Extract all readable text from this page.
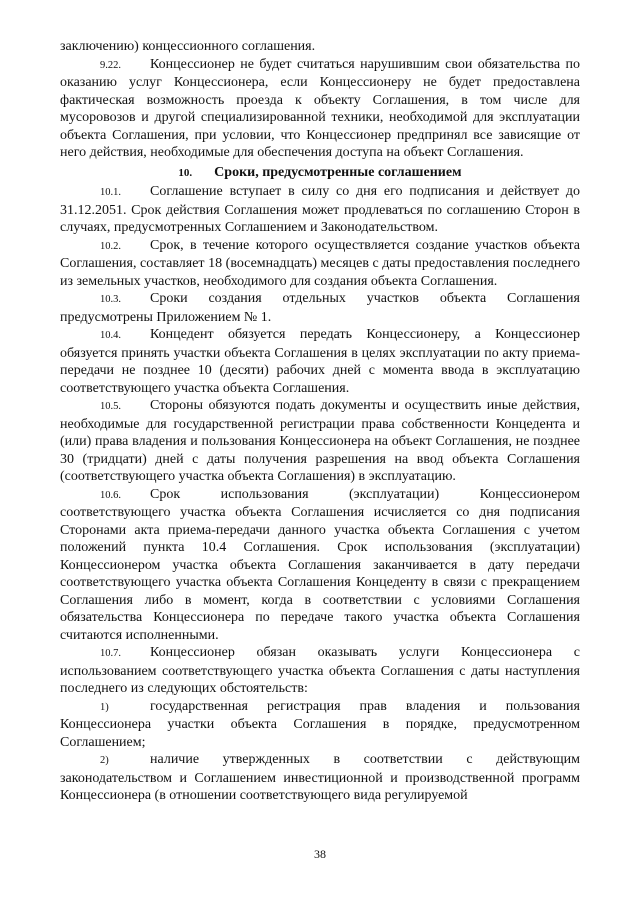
заключению) концессионного соглашения.

9.22. Концессионер не будет считаться нарушившим свои обязательства по оказанию услуг Концессионера, если Концессионеру не будет предоставлена фактическая возможность проезда к объекту Соглашения, в том числе для мусоровозов и другой специализированной техники, необходимой для эксплуатации объекта Соглашения, при условии, что Концессионер предпринял все зависящие от него действия, необходимые для обеспечения доступа на объект Соглашения.

10. Сроки, предусмотренные соглашением

10.1. Соглашение вступает в силу со дня его подписания и действует до 31.12.2051. Срок действия Соглашения может продлеваться по соглашению Сторон в случаях, предусмотренных Соглашением и Законодательством.

10.2. Срок, в течение которого осуществляется создание участков объекта Соглашения, составляет 18 (восемнадцать) месяцев с даты предоставления последнего из земельных участков, необходимого для создания объекта Соглашения.

10.3. Сроки создания отдельных участков объекта Соглашения предусмотрены Приложением № 1.

10.4. Концедент обязуется передать Концессионеру, а Концессионер обязуется принять участки объекта Соглашения в целях эксплуатации по акту приема-передачи не позднее 10 (десяти) рабочих дней с момента ввода в эксплуатацию соответствующего участка объекта Соглашения.

10.5. Стороны обязуются подать документы и осуществить иные действия, необходимые для государственной регистрации права собственности Концедента и (или) права владения и пользования Концессионера на объект Соглашения, не позднее 30 (тридцати) дней с даты получения разрешения на ввод объекта Соглашения (соответствующего участка объекта Соглашения) в эксплуатацию.

10.6. Срок использования (эксплуатации) Концессионером соответствующего участка объекта Соглашения исчисляется со дня подписания Сторонами акта приема-передачи данного участка объекта Соглашения с учетом положений пункта 10.4 Соглашения. Срок использования (эксплуатации) Концессионером участка объекта Соглашения заканчивается в дату передачи соответствующего участка объекта Соглашения Концеденту в связи с прекращением Соглашения либо в момент, когда в соответствии с условиями Соглашения обязательства Концессионера по передаче такого участка объекта Соглашения считаются исполненными.

10.7. Концессионер обязан оказывать услуги Концессионера с использованием соответствующего участка объекта Соглашения с даты наступления последнего из следующих обстоятельств:

1)	государственная регистрация прав владения и пользования Концессионера участки объекта Соглашения в порядке, предусмотренном Соглашением;

2)	наличие утвержденных в соответствии с действующим законодательством и Соглашением инвестиционной и производственной программ Концессионера (в отношении соответствующего вида регулируемой

38
